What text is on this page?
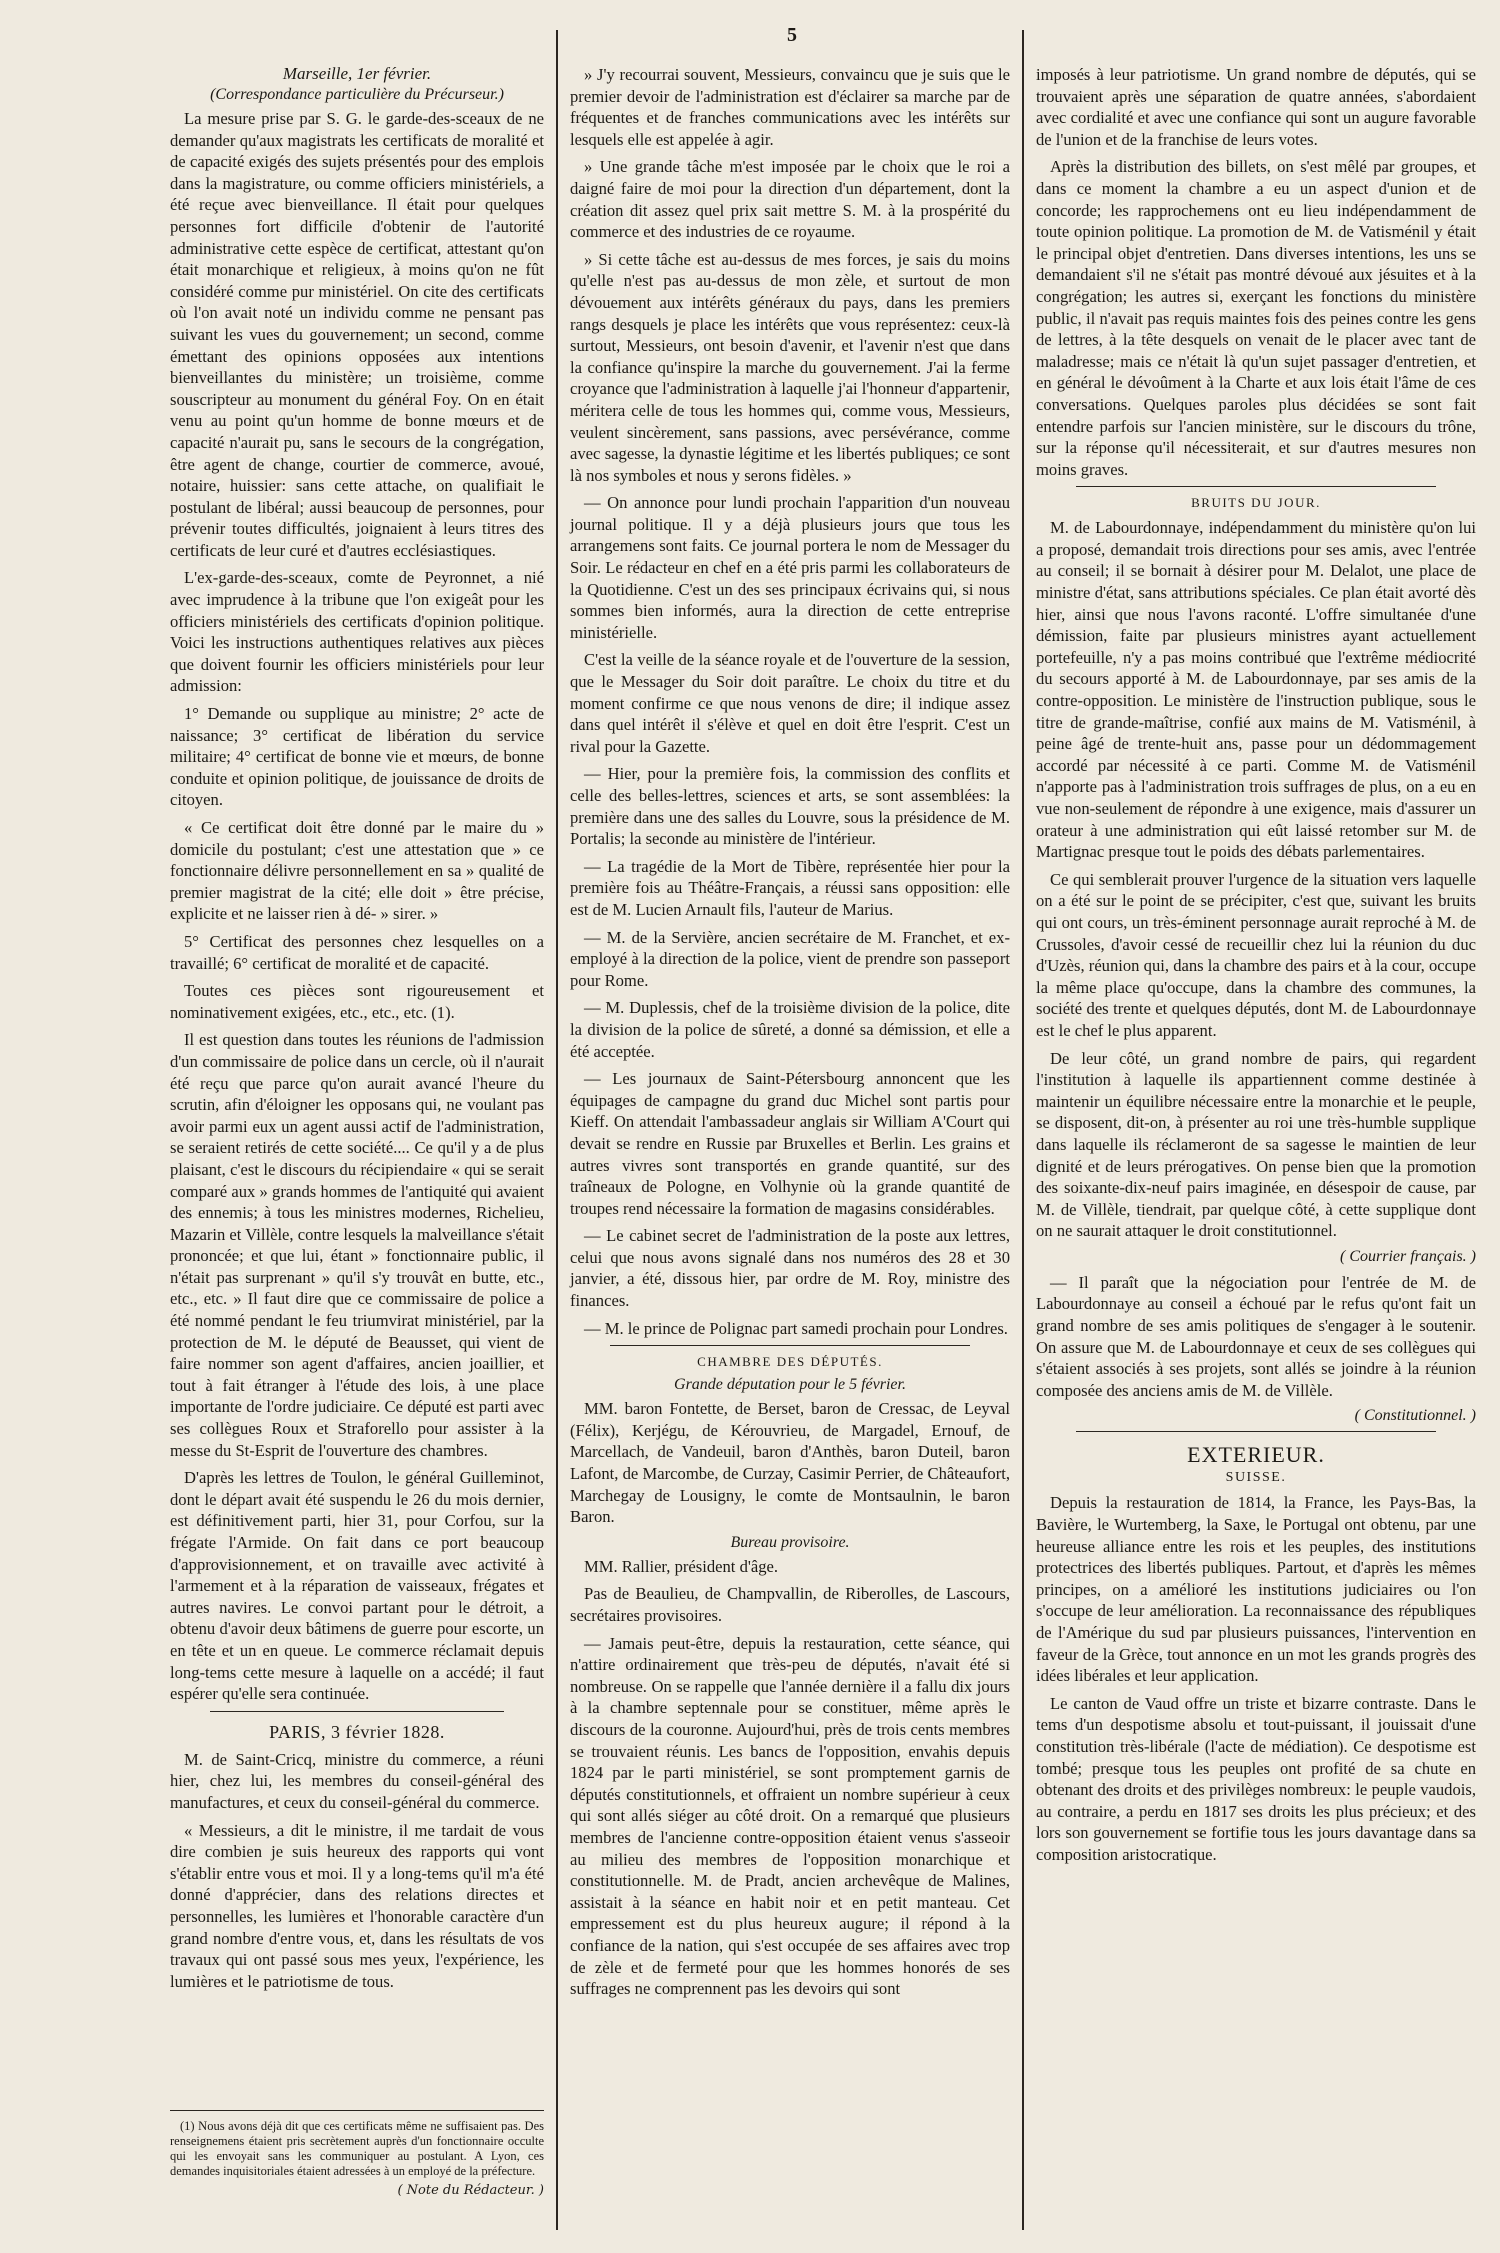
5
Marseille, 1er février.
(Correspondance particulière du Précurseur.)

La mesure prise par S. G. le garde-des-sceaux de ne demander qu'aux magistrats les certificats de moralité et de capacité exigés des sujets présentés pour des emplois dans la magistrature, ou comme officiers ministériels, a été reçue avec bienveillance. Il était pour quelques personnes fort difficile d'obtenir de l'autorité administrative cette espèce de certificat, attestant qu'on était monarchique et religieux, à moins qu'on ne fût considéré comme pur ministériel. On cite des certificats où l'on avait noté un individu comme ne pensant pas suivant les vues du gouvernement; un second, comme émettant des opinions opposées aux intentions bienveillantes du ministère; un troisième, comme souscripteur au monument du général Foy. On en était venu au point qu'un homme de bonne mœurs et de capacité n'aurait pu, sans le secours de la congrégation, être agent de change, courtier de commerce, avoué, notaire, huissier: sans cette attache, on qualifiait le postulant de libéral; aussi beaucoup de personnes, pour prévenir toutes difficultés, joignaient à leurs titres des certificats de leur curé et d'autres ecclésiastiques.

L'ex-garde-des-sceaux, comte de Peyronnet, a nié avec imprudence à la tribune que l'on exigeât pour les officiers ministériels des certificats d'opinion politique. Voici les instructions authentiques relatives aux pièces que doivent fournir les officiers ministériels pour leur admission:

1° Demande ou supplique au ministre; 2° acte de naissance; 3° certificat de libération du service militaire; 4° certificat de bonne vie et mœurs, de bonne conduite et opinion politique, de jouissance de droits de citoyen.

« Ce certificat doit être donné par le maire du » domicile du postulant; c'est une attestation que » ce fonctionnaire délivre personnellement en sa » qualité de premier magistrat de la cité; elle doit » être précise, explicite et ne laisser rien à dé- » sirer. »

5° Certificat des personnes chez lesquelles on a travaillé; 6° certificat de moralité et de capacité.

Toutes ces pièces sont rigoureusement et nominativement exigées, etc., etc., etc. (1).

Il est question dans toutes les réunions de l'admission d'un commissaire de police dans un cercle, où il n'aurait été reçu que parce qu'on aurait avancé l'heure du scrutin, afin d'éloigner les opposans qui, ne voulant pas avoir parmi eux un agent aussi actif de l'administration, se seraient retirés de cette société.... Ce qu'il y a de plus plaisant, c'est le discours du récipiendaire « qui se serait comparé aux » grands hommes de l'antiquité qui avaient des ennemis; à tous les ministres modernes, Richelieu, Mazarin et Villèle, contre lesquels la malveillance s'était prononcée; et que lui, étant » fonctionnaire public, il n'était pas surprenant » qu'il s'y trouvât en butte, etc., etc., etc. » Il faut dire que ce commissaire de police a été nommé pendant le feu triumvirat ministériel, par la protection de M. le député de Beausset, qui vient de faire nommer son agent d'affaires, ancien joaillier, et tout à fait étranger à l'étude des lois, à une place importante de l'ordre judiciaire. Ce député est parti avec ses collègues Roux et Straforello pour assister à la messe du St-Esprit de l'ouverture des chambres.

D'après les lettres de Toulon, le général Guilleminot, dont le départ avait été suspendu le 26 du mois dernier, est définitivement parti, hier 31, pour Corfou, sur la frégate l'Armide. On fait dans ce port beaucoup d'approvisionnement, et on travaille avec activité à l'armement et à la réparation de vaisseaux, frégates et autres navires. Le convoi partant pour le détroit, a obtenu d'avoir deux bâtimens de guerre pour escorte, un en tête et un en queue. Le commerce réclamait depuis long-tems cette mesure à laquelle on a accédé; il faut espérer qu'elle sera continuée.

PARIS, 3 février 1828.

M. de Saint-Cricq, ministre du commerce, a réuni hier, chez lui, les membres du conseil-général des manufactures, et ceux du conseil-général du commerce.

« Messieurs, a dit le ministre, il me tardait de vous dire combien je suis heureux des rapports qui vont s'établir entre vous et moi. Il y a long-tems qu'il m'a été donné d'apprécier, dans des relations directes et personnelles, les lumières et l'honorable caractère d'un grand nombre d'entre vous, et, dans les résultats de vos travaux qui ont passé sous mes yeux, l'expérience, les lumières et le patriotisme de tous.

(1) Nous avons déjà dit que ces certificats même ne suffisaient pas. Des renseignemens étaient pris secrètement auprès d'un fonctionnaire occulte qui les envoyait sans les communiquer au postulant. A Lyon, ces demandes inquisitoriales étaient adressées à un employé de la préfecture.

( Note du Rédacteur. )

» J'y recourrai souvent, Messieurs, convaincu que je suis que le premier devoir de l'administration est d'éclairer sa marche par de fréquentes et de franches communications avec les intérêts sur lesquels elle est appelée à agir.

» Une grande tâche m'est imposée par le choix que le roi a daigné faire de moi pour la direction d'un département, dont la création dit assez quel prix sait mettre S. M. à la prospérité du commerce et des industries de ce royaume.

» Si cette tâche est au-dessus de mes forces, je sais du moins qu'elle n'est pas au-dessus de mon zèle, et surtout de mon dévouement aux intérêts généraux du pays, dans les premiers rangs desquels je place les intérêts que vous représentez: ceux-là surtout, Messieurs, ont besoin d'avenir, et l'avenir n'est que dans la confiance qu'inspire la marche du gouvernement. J'ai la ferme croyance que l'administration à laquelle j'ai l'honneur d'appartenir, méritera celle de tous les hommes qui, comme vous, Messieurs, veulent sincèrement, sans passions, avec persévérance, comme avec sagesse, la dynastie légitime et les libertés publiques; ce sont là nos symboles et nous y serons fidèles. »

— On annonce pour lundi prochain l'apparition d'un nouveau journal politique. Il y a déjà plusieurs jours que tous les arrangemens sont faits. Ce journal portera le nom de Messager du Soir. Le rédacteur en chef en a été pris parmi les collaborateurs de la Quotidienne. C'est un des ses principaux écrivains qui, si nous sommes bien informés, aura la direction de cette entreprise ministérielle.

C'est la veille de la séance royale et de l'ouverture de la session, que le Messager du Soir doit paraître. Le choix du titre et du moment confirme ce que nous venons de dire; il indique assez dans quel intérêt il s'élève et quel en doit être l'esprit. C'est un rival pour la Gazette.

— Hier, pour la première fois, la commission des conflits et celle des belles-lettres, sciences et arts, se sont assemblées: la première dans une des salles du Louvre, sous la présidence de M. Portalis; la seconde au ministère de l'intérieur.

— La tragédie de la Mort de Tibère, représentée hier pour la première fois au Théâtre-Français, a réussi sans opposition: elle est de M. Lucien Arnault fils, l'auteur de Marius.

— M. de la Servière, ancien secrétaire de M. Franchet, et ex-employé à la direction de la police, vient de prendre son passeport pour Rome.

— M. Duplessis, chef de la troisième division de la police, dite la division de la police de sûreté, a donné sa démission, et elle a été acceptée.

— Les journaux de Saint-Pétersbourg annoncent que les équipages de campagne du grand duc Michel sont partis pour Kieff. On attendait l'ambassadeur anglais sir William A'Court qui devait se rendre en Russie par Bruxelles et Berlin. Les grains et autres vivres sont transportés en grande quantité, sur des traîneaux de Pologne, en Volhynie où la grande quantité de troupes rend nécessaire la formation de magasins considérables.

— Le cabinet secret de l'administration de la poste aux lettres, celui que nous avons signalé dans nos numéros des 28 et 30 janvier, a été, dissous hier, par ordre de M. Roy, ministre des finances.

— M. le prince de Polignac part samedi prochain pour Londres.

CHAMBRE DES DÉPUTÉS.
Grande députation pour le 5 février.

MM. baron Fontette, de Berset, baron de Cressac, de Leyval (Félix), Kerjégu, de Kérouvrieu, de Margadel, Ernouf, de Marcellach, de Vandeuil, baron d'Anthès, baron Duteil, baron Lafont, de Marcombe, de Curzay, Casimir Perrier, de Châteaufort, Marchegay de Lousigny, le comte de Montsaulnin, le baron Baron.

Bureau provisoire.

MM. Rallier, président d'âge.

Pas de Beaulieu, de Champvallin, de Riberolles, de Lascours, secrétaires provisoires.

— Jamais peut-être, depuis la restauration, cette séance, qui n'attire ordinairement que très-peu de députés, n'avait été si nombreuse. On se rappelle que l'année dernière il a fallu dix jours à la chambre septennale pour se constituer, même après le discours de la couronne. Aujourd'hui, près de trois cents membres se trouvaient réunis. Les bancs de l'opposition, envahis depuis 1824 par le parti ministériel, se sont promptement garnis de députés constitutionnels, et offraient un nombre supérieur à ceux qui sont allés siéger au côté droit. On a remarqué que plusieurs membres de l'ancienne contre-opposition étaient venus s'asseoir au milieu des membres de l'opposition monarchique et constitutionnelle. M. de Pradt, ancien archevêque de Malines, assistait à la séance en habit noir et en petit manteau. Cet empressement est du plus heureux augure; il répond à la confiance de la nation, qui s'est occupée de ses affaires avec trop de zèle et de fermeté pour que les hommes honorés de ses suffrages ne comprennent pas les devoirs qui sont

imposés à leur patriotisme. Un grand nombre de députés, qui se trouvaient après une séparation de quatre années, s'abordaient avec cordialité et avec une confiance qui sont un augure favorable de l'union et de la franchise de leurs votes.

Après la distribution des billets, on s'est mêlé par groupes, et dans ce moment la chambre a eu un aspect d'union et de concorde; les rapprochemens ont eu lieu indépendamment de toute opinion politique. La promotion de M. de Vatisménil y était le principal objet d'entretien. Dans diverses intentions, les uns se demandaient s'il ne s'était pas montré dévoué aux jésuites et à la congrégation; les autres si, exerçant les fonctions du ministère public, il n'avait pas requis maintes fois des peines contre les gens de lettres, à la tête desquels on venait de le placer avec tant de maladresse; mais ce n'était là qu'un sujet passager d'entretien, et en général le dévoûment à la Charte et aux lois était l'âme de ces conversations. Quelques paroles plus décidées se sont fait entendre parfois sur l'ancien ministère, sur le discours du trône, sur la réponse qu'il nécessiterait, et sur d'autres mesures non moins graves.

BRUITS DU JOUR.

M. de Labourdonnaye, indépendamment du ministère qu'on lui a proposé, demandait trois directions pour ses amis, avec l'entrée au conseil; il se bornait à désirer pour M. Delalot, une place de ministre d'état, sans attributions spéciales. Ce plan était avorté dès hier, ainsi que nous l'avons raconté. L'offre simultanée d'une démission, faite par plusieurs ministres ayant actuellement portefeuille, n'y a pas moins contribué que l'extrême médiocrité du secours apporté à M. de Labourdonnaye, par ses amis de la contre-opposition. Le ministère de l'instruction publique, sous le titre de grande-maîtrise, confié aux mains de M. Vatisménil, à peine âgé de trente-huit ans, passe pour un dédommagement accordé par nécessité à ce parti. Comme M. de Vatisménil n'apporte pas à l'administration trois suffrages de plus, on a eu en vue non-seulement de répondre à une exigence, mais d'assurer un orateur à une administration qui eût laissé retomber sur M. de Martignac presque tout le poids des débats parlementaires.

Ce qui semblerait prouver l'urgence de la situation vers laquelle on a été sur le point de se précipiter, c'est que, suivant les bruits qui ont cours, un très-éminent personnage aurait reproché à M. de Crussoles, d'avoir cessé de recueillir chez lui la réunion du duc d'Uzès, réunion qui, dans la chambre des pairs et à la cour, occupe la même place qu'occupe, dans la chambre des communes, la société des trente et quelques députés, dont M. de Labourdonnaye est le chef le plus apparent.

De leur côté, un grand nombre de pairs, qui regardent l'institution à laquelle ils appartiennent comme destinée à maintenir un équilibre nécessaire entre la monarchie et le peuple, se disposent, dit-on, à présenter au roi une très-humble supplique dans laquelle ils réclameront de sa sagesse le maintien de leur dignité et de leurs prérogatives. On pense bien que la promotion des soixante-dix-neuf pairs imaginée, en désespoir de cause, par M. de Villèle, tiendrait, par quelque côté, à cette supplique dont on ne saurait attaquer le droit constitutionnel.

( Courrier français. )

— Il paraît que la négociation pour l'entrée de M. de Labourdonnaye au conseil a échoué par le refus qu'ont fait un grand nombre de ses amis politiques de s'engager à le soutenir. On assure que M. de Labourdonnaye et ceux de ses collègues qui s'étaient associés à ses projets, sont allés se joindre à la réunion composée des anciens amis de M. de Villèle.

( Constitutionnel. )
EXTERIEUR.
SUISSE.

Depuis la restauration de 1814, la France, les Pays-Bas, la Bavière, le Wurtemberg, la Saxe, le Portugal ont obtenu, par une heureuse alliance entre les rois et les peuples, des institutions protectrices des libertés publiques. Partout, et d'après les mêmes principes, on a amélioré les institutions judiciaires ou l'on s'occupe de leur amélioration. La reconnaissance des républiques de l'Amérique du sud par plusieurs puissances, l'intervention en faveur de la Grèce, tout annonce en un mot les grands progrès des idées libérales et leur application.

Le canton de Vaud offre un triste et bizarre contraste. Dans le tems d'un despotisme absolu et tout-puissant, il jouissait d'une constitution très-libérale (l'acte de médiation). Ce despotisme est tombé; presque tous les peuples ont profité de sa chute en obtenant des droits et des privilèges nombreux: le peuple vaudois, au contraire, a perdu en 1817 ses droits les plus précieux; et des lors son gouvernement se fortifie tous les jours davantage dans sa composition aristocratique.
